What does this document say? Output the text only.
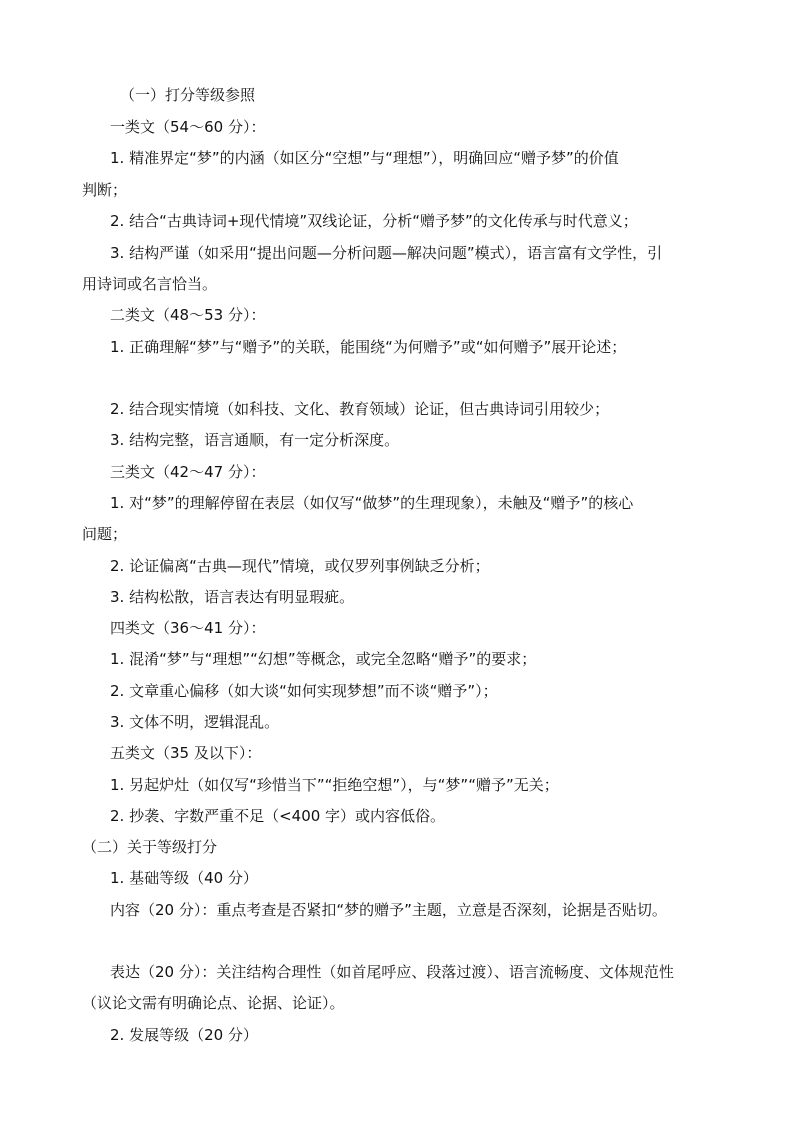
（一）打分等级参照
一类文（54～60 分）：
1. 精准界定“梦”的内涵（如区分“空想”与“理想”），明确回应“赠予梦”的价值
判断；
2. 结合“古典诗词+现代情境”双线论证，分析“赠予梦”的文化传承与时代意义；
3. 结构严谨（如采用“提出问题—分析问题—解决问题”模式），语言富有文学性，引
用诗词或名言恰当。
二类文（48～53 分）：
1. 正确理解“梦”与“赠予”的关联，能围绕“为何赠予”或“如何赠予”展开论述；
2. 结合现实情境（如科技、文化、教育领域）论证，但古典诗词引用较少；
3. 结构完整，语言通顺，有一定分析深度。
三类文（42～47 分）：
1. 对“梦”的理解停留在表层（如仅写“做梦”的生理现象），未触及“赠予”的核心
问题；
2. 论证偏离“古典—现代”情境，或仅罗列事例缺乏分析；
3. 结构松散，语言表达有明显瑕疵。
四类文（36～41 分）：
1. 混淆“梦”与“理想”“幻想”等概念，或完全忽略“赠予”的要求；
2. 文章重心偏移（如大谈“如何实现梦想”而不谈“赠予”）；
3. 文体不明，逻辑混乱。
五类文（35 及以下）：
1. 另起炉灶（如仅写“珍惜当下”“拒绝空想”），与“梦”“赠予”无关；
2. 抄袭、字数严重不足（<400 字）或内容低俗。
（二）关于等级打分
1. 基础等级（40 分）
内容（20 分）：重点考查是否紧扣“梦的赠予”主题，立意是否深刻，论据是否贴切。
表达（20 分）：关注结构合理性（如首尾呼应、段落过渡）、语言流畅度、文体规范性
（议论文需有明确论点、论据、论证）。
2. 发展等级（20 分）
